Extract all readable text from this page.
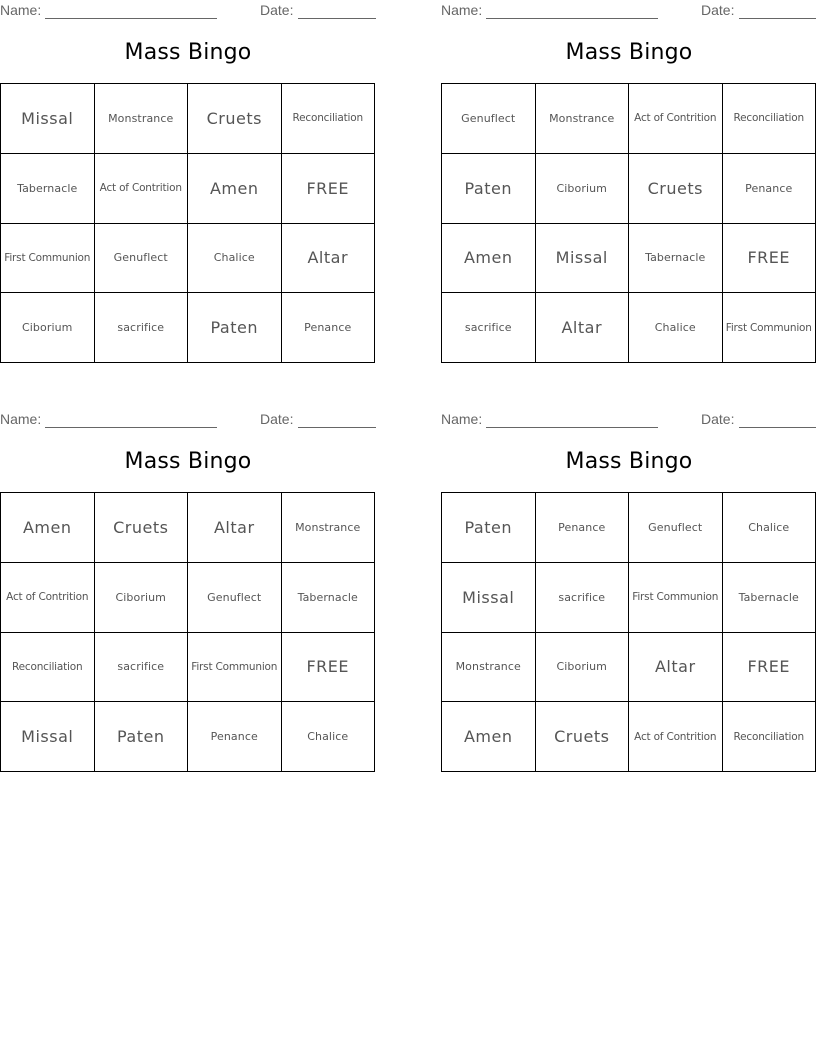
Name:	Date:
Mass Bingo
Missal	Monstrance	Cruets	Reconciliation
Tabernacle	Act of Contrition	Amen	FREE
First Communion	Genuflect	Chalice	Altar
Ciborium	sacrifice	Paten	Penance
Name:	Date:
Mass Bingo
Genuflect	Monstrance	Act of Contrition	Reconciliation
Paten	Ciborium	Cruets	Penance
Amen	Missal	Tabernacle	FREE
sacrifice	Altar	Chalice	First Communion
Name:	Date:
Mass Bingo
Amen	Cruets	Altar	Monstrance
Act of Contrition	Ciborium	Genuflect	Tabernacle
Reconciliation	sacrifice	First Communion	FREE
Missal	Paten	Penance	Chalice
Name:	Date:
Mass Bingo
Paten	Penance	Genuflect	Chalice
Missal	sacrifice	First Communion	Tabernacle
Monstrance	Ciborium	Altar	FREE
Amen	Cruets	Act of Contrition	Reconciliation
